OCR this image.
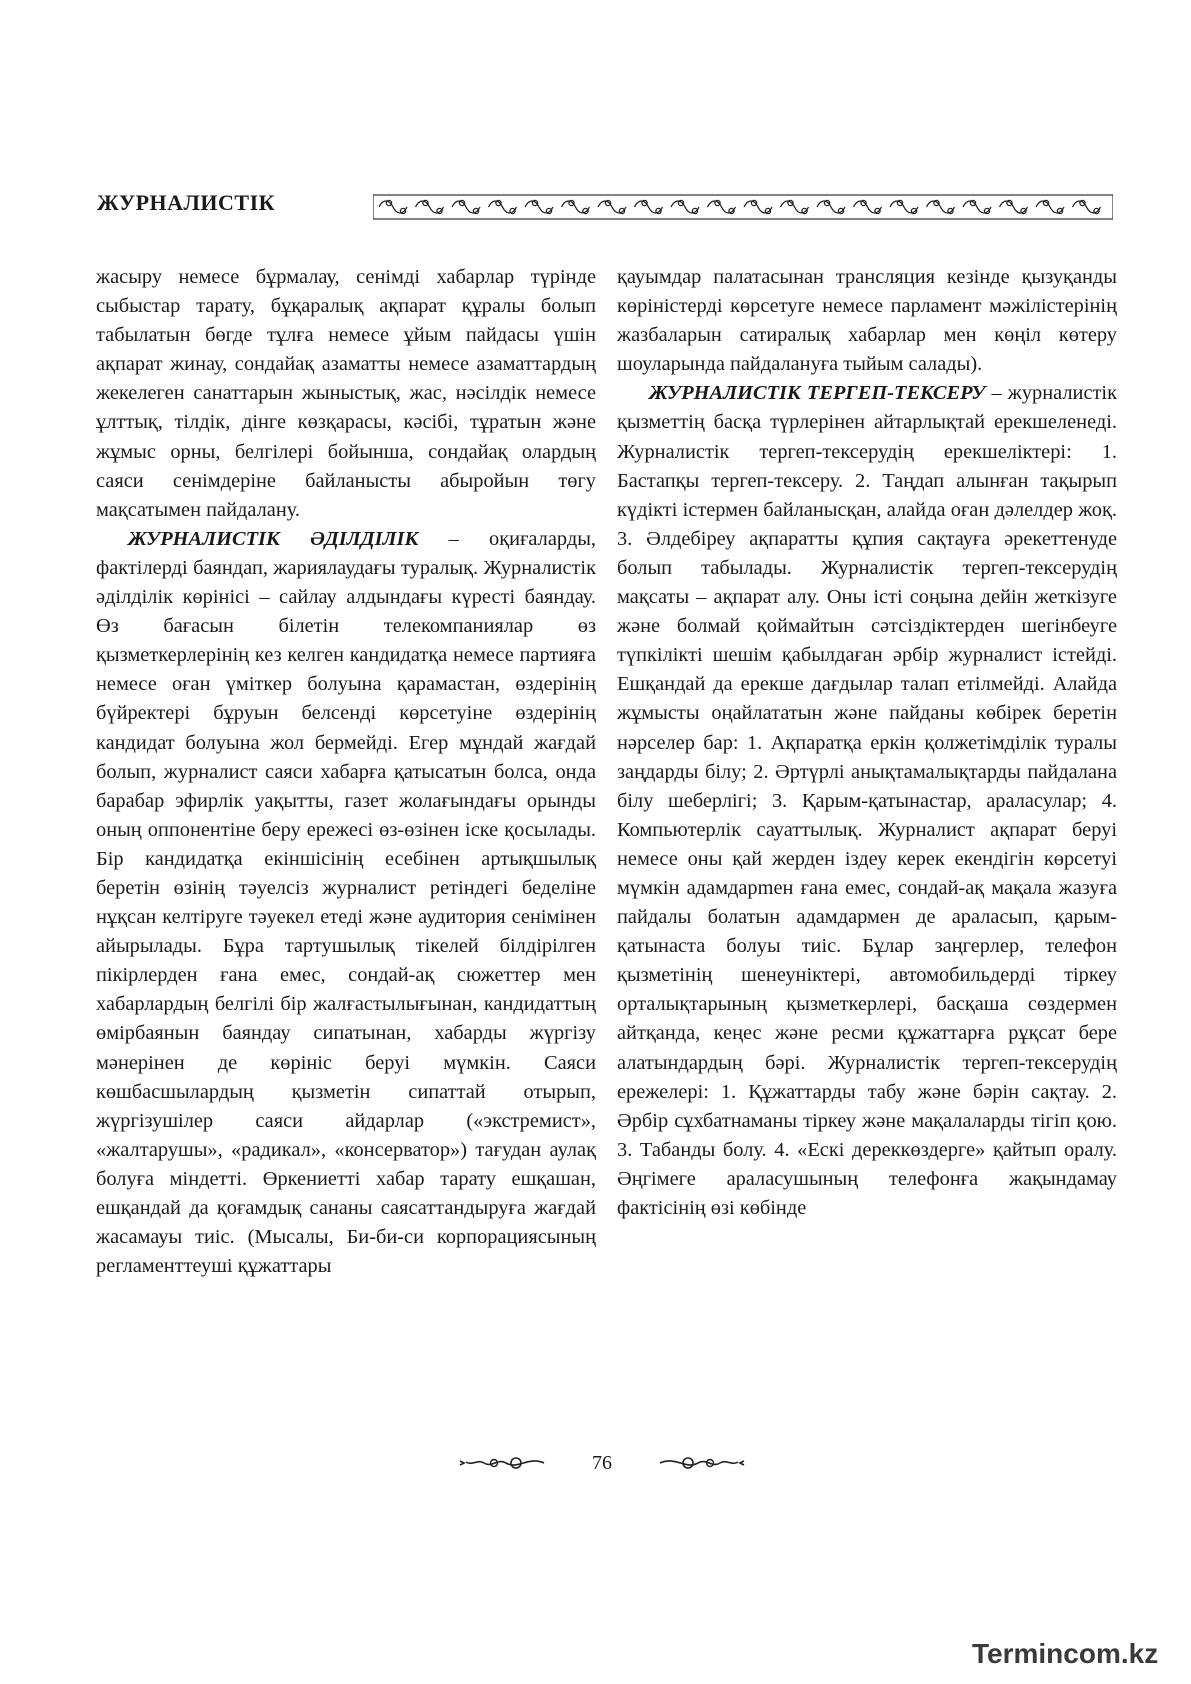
ЖУРНАЛИСТІК

жасыру немесе бұрмалау, сенімді хабарлар түрінде сыбыстар тарату, бұқаралық ақпарат құралы болып табылатын бөгде тұлға немесе ұйым пайдасы үшін ақпарат жинау, сондайақ азаматты немесе азаматтардың жекелеген санаттарын жыныстық, жас, нәсілдік немесе ұлттық, тілдік, дінге көзқарасы, кәсібі, тұратын және жұмыс орны, белгілері бойынша, сондайақ олардың саяси сенімдеріне байланысты абыройын төгу мақсатымен пайдалану.

ЖУРНАЛИСТІК ӘДІЛДІЛІК – оқиғаларды, фактілерді баяндап, жариялаудағы туралық. Журналистік әділділік көрінісі – сайлау алдындағы күресті баяндау. Өз бағасын білетін телекомпаниялар өз қызметкерлерінің кез келген кандидатқа немесе партияға немесе оған үміткер болуына қарамастан, өздерінің бүйректері бұруын белсенді көрсетуіне өздерінің кандидат болуына жол бермейді. Егер мұндай жағдай болып, журналист саяси хабарға қатысатын болса, онда барабар эфирлік уақытты, газет жолағындағы орынды оның оппонентіне беру ережесі өз-өзінен іске қосылады. Бір кандидатқа екіншісінің есебінен артықшылық беретін өзінің тәуелсіз журналист ретіндегі беделіне нұқсан келтіруге тәуекел етеді және аудитория сенімінен айырылады. Бұра тартушылық тікелей білдірілген пікірлерден ғана емес, сондай-ақ сюжеттер мен хабарлардың белгілі бір жалғастылығынан, кандидаттың өмірбаянын баяндау сипатынан, хабарды жүргізу мәнерінен де көрініс беруі мүмкін. Саяси көшбасшылардың қызметін сипаттай отырып, жүргізушілер саяси айдарлар («экстремист», «жалтарушы», «радикал», «консерватор») тағудан аулақ болуға міндетті. Өркениетті хабар тарату ешқашан, ешқандай да қоғамдық сананы саясаттандыруға жағдай жасамауы тиіс. (Мысалы, Би-би-си корпорациясының регламенттеуші құжаттары

қауымдар палатасынан трансляция кезінде қызуқанды көріністерді көрсетуге немесе парламент мәжілістерінің жазбаларын сатиралық хабарлар мен көңіл көтеру шоуларында пайдалануға тыйым салады).

ЖУРНАЛИСТІК ТЕРГЕП-ТЕКСЕРУ – журналистік қызметтің басқа түрлерінен айтарлықтай ерекшеленеді. Журналистік тергеп-тексерудің ерекшеліктері: 1. Бастапқы тергеп-тексеру. 2. Таңдап алынған тақырып күдікті істермен байланысқан, алайда оған дәлелдер жоқ. 3. Әлдебіреу ақпаратты құпия сақтауға әрекеттенуде болып табылады. Журналистік тергеп-тексерудің мақсаты – ақпарат алу. Оны істі соңына дейін жеткізуге және болмай қоймайтын сәтсіздіктерден шегінбеуге түпкілікті шешім қабылдаған әрбір журналист істейді. Ешқандай да ерекше дағдылар талап етілмейді. Алайда жұмысты оңайлататын және пайданы көбірек беретін нәрселер бар: 1. Ақпаратқа еркін қолжетімділік туралы заңдарды білу; 2. Әртүрлі анықтамалықтарды пайдалана білу шеберлігі; 3. Қарым-қатынастар, араласулар; 4. Компьютерлік сауаттылық. Журналист ақпарат беруі немесе оны қай жерден іздеу керек екендігін көрсетуі мүмкін адамдарmен ғана емес, сондай-ақ мақала жазуға пайдалы болатын адамдармен де араласып, қарым-қатынаста болуы тиіс. Бұлар заңгерлер, телефон қызметінің шенеуніктері, автомобильдерді тіркеу орталықтарының қызметкерлері, басқаша сөздермен айтқанда, кеңес және ресми құжаттарға рұқсат бере алатындардың бәрі. Журналистік тергеп-тексерудің ережелері: 1. Құжаттарды табу және бәрін сақтау. 2. Әрбір сұхбатнаманы тіркеу және мақалаларды тігіп қою. 3. Табанды болу. 4. «Ескі дереккөздерге» қайтып оралу. Әңгімеге араласушының телефонға жақындамау фактісінің өзі көбінде

76
Termincom.kz
